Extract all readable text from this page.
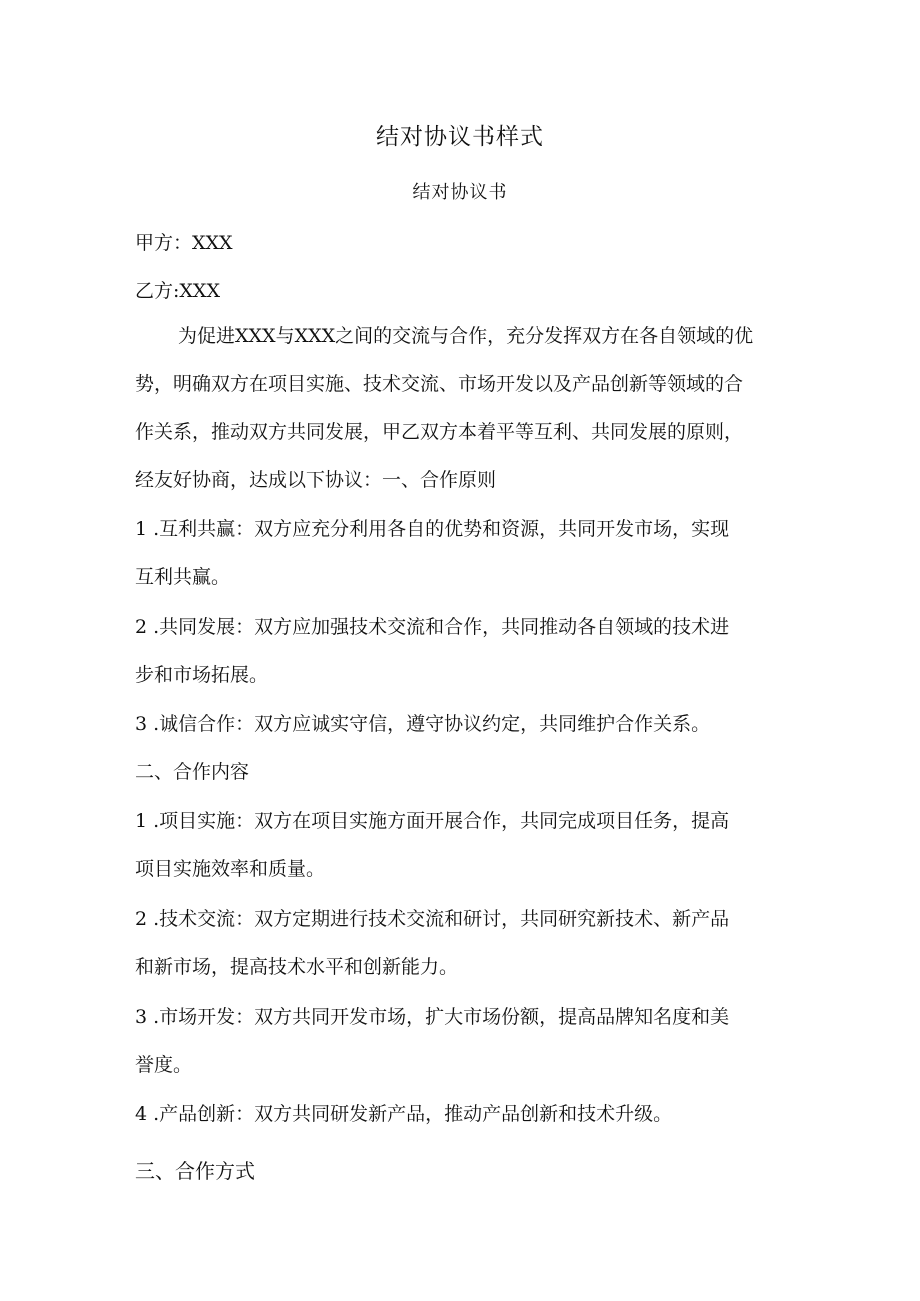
结对协议书样式
结对协议书

甲方：XXX

乙方:XXX

为促进XXX与XXX之间的交流与合作，充分发挥双方在各自领域的优
势，明确双方在项目实施、技术交流、市场开发以及产品创新等领域的合
作关系，推动双方共同发展，甲乙双方本着平等互利、共同发展的原则，
经友好协商，达成以下协议：一、合作原则
1 .互利共赢：双方应充分利用各自的优势和资源，共同开发市场，实现
互利共赢。
2 .共同发展：双方应加强技术交流和合作，共同推动各自领域的技术进
步和市场拓展。
3 .诚信合作：双方应诚实守信，遵守协议约定，共同维护合作关系。
二、合作内容
1 .项目实施：双方在项目实施方面开展合作，共同完成项目任务，提高
项目实施效率和质量。
2 .技术交流：双方定期进行技术交流和研讨，共同研究新技术、新产品
和新市场，提高技术水平和创新能力。
3 .市场开发：双方共同开发市场，扩大市场份额，提高品牌知名度和美
誉度。
4 .产品创新：双方共同研发新产品，推动产品创新和技术升级。
三、合作方式
